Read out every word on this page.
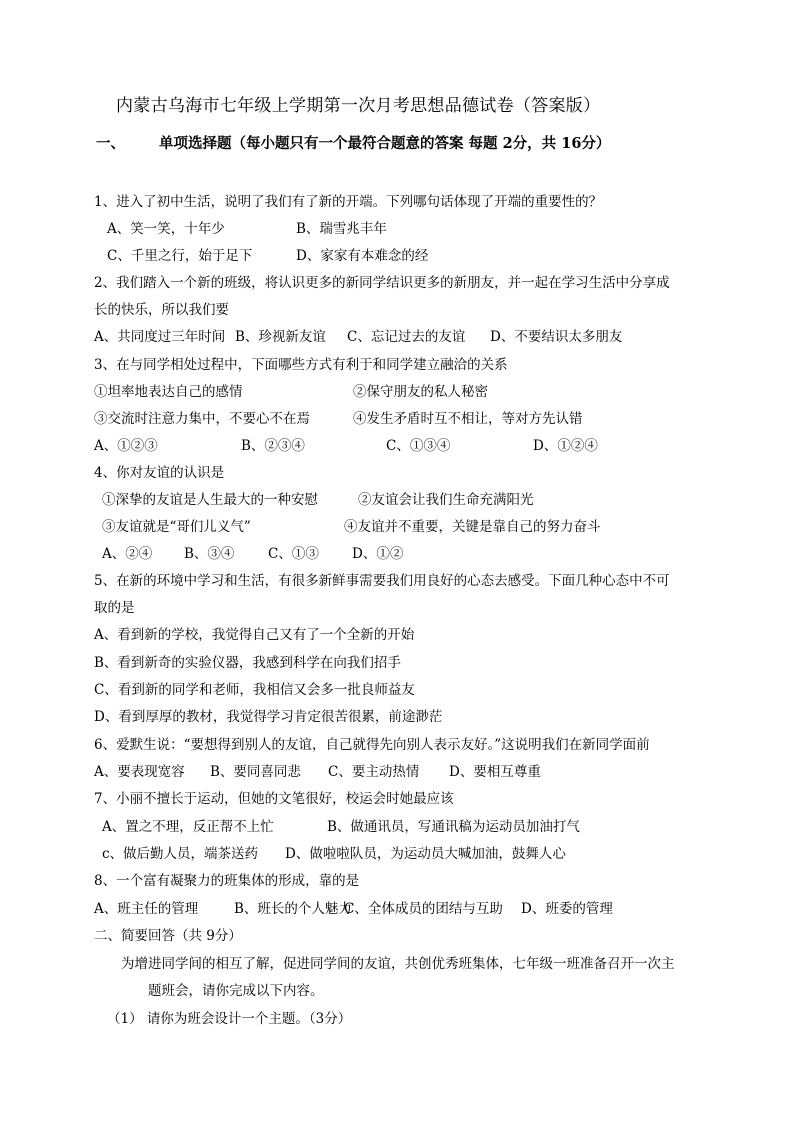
内蒙古乌海市七年级上学期第一次月考思想品德试卷（答案版）
一、 单项选择题（每小题只有一个最符合题意的答案 每题 2分，共 16分）
1、进入了初中生活，说明了我们有了新的开端。下列哪句话体现了开端的重要性的？
A、笑一笑，十年少	B、瑞雪兆丰年
C、千里之行，始于足下	D、家家有本难念的经
2、我们踏入一个新的班级，将认识更多的新同学结识更多的新朋友，并一起在学习生活中分享成
长的快乐，所以我们要
A、共同度过三年时间 B、珍视新友谊 C、忘记过去的友谊 D、不要结识太多朋友
3、在与同学相处过程中，下面哪些方式有利于和同学建立融洽的关系
①坦率地表达自己的感情	②保守朋友的私人秘密
③交流时注意力集中，不要心不在焉	④发生矛盾时互不相让，等对方先认错
A、①②③	B、②③④	C、①③④	D、①②④
4、你对友谊的认识是
①深挚的友谊是人生最大的一种安慰	②友谊会让我们生命充满阳光
③友谊就是“哥们儿义气”	④友谊并不重要，关键是靠自己的努力奋斗
A、②④ B、③④ C、①③ D、①②
5、在新的环境中学习和生活，有很多新鲜事需要我们用良好的心态去感受。下面几种心态中不可
取的是
A、看到新的学校，我觉得自己又有了一个全新的开始
B、看到新奇的实验仪器，我感到科学在向我们招手
C、看到新的同学和老师，我相信又会多一批良师益友
D、看到厚厚的教材，我觉得学习肯定很苦很累，前途渺茫
6、爱默生说：“要想得到别人的友谊，自己就得先向别人表示友好。”这说明我们在新同学面前
A、要表现宽容 B、要同喜同悲 C、要主动热情 D、要相互尊重
7、小丽不擅长于运动，但她的文笔很好，校运会时她最应该
A、置之不理，反正帮不上忙	B、做通讯员，写通讯稿为运动员加油打气
c、做后勤人员，端茶送药 D、做啦啦队员，为运动员大喊加油，鼓舞人心
8、一个富有凝聚力的班集体的形成，靠的是
A、班主任的管理	B、班长的个人魅力
C、全体成员的团结与互助 D、班委的管理
二、简要回答（共 9分）
为增进同学间的相互了解，促进同学间的友谊，共创优秀班集体，七年级一班准备召开一次主
题班会，请你完成以下内容。
（1） 请你为班会设计一个主题。（3分）
